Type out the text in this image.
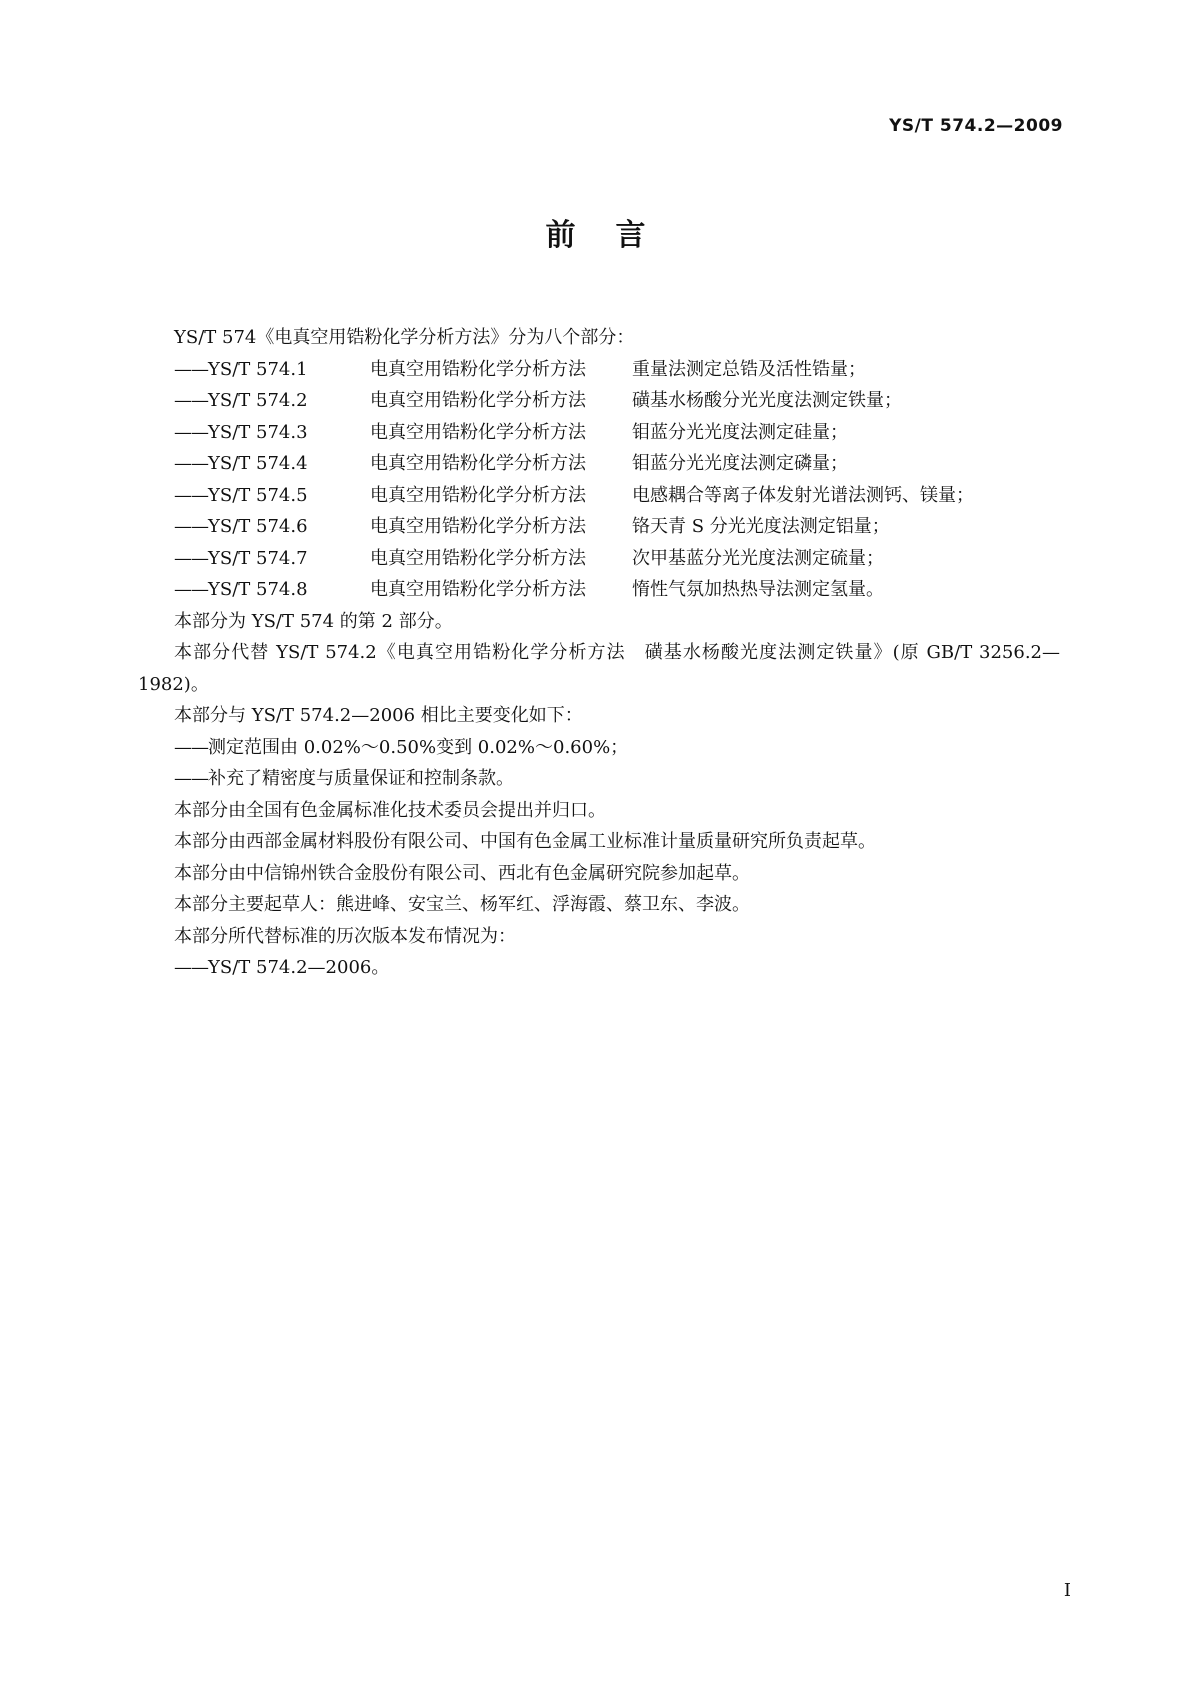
YS/T 574.2—2009
前言

YS/T 574《电真空用锆粉化学分析方法》分为八个部分：

——YS/T 574.1	电真空用锆粉化学分析方法	重量法测定总锆及活性锆量；

——YS/T 574.2	电真空用锆粉化学分析方法	磺基水杨酸分光光度法测定铁量；

——YS/T 574.3	电真空用锆粉化学分析方法	钼蓝分光光度法测定硅量；

——YS/T 574.4	电真空用锆粉化学分析方法	钼蓝分光光度法测定磷量；

——YS/T 574.5	电真空用锆粉化学分析方法	电感耦合等离子体发射光谱法测钙、镁量；

——YS/T 574.6	电真空用锆粉化学分析方法	铬天青 S 分光光度法测定铝量；

——YS/T 574.7	电真空用锆粉化学分析方法	次甲基蓝分光光度法测定硫量；

——YS/T 574.8	电真空用锆粉化学分析方法	惰性气氛加热热导法测定氢量。

本部分为 YS/T 574 的第 2 部分。

本部分代替 YS/T 574.2《电真空用锆粉化学分析方法　磺基水杨酸光度法测定铁量》(原 GB/T 3256.2—1982)。

本部分与 YS/T 574.2—2006 相比主要变化如下：

——测定范围由 0.02%～0.50%变到 0.02%～0.60%；

——补充了精密度与质量保证和控制条款。

本部分由全国有色金属标准化技术委员会提出并归口。

本部分由西部金属材料股份有限公司、中国有色金属工业标准计量质量研究所负责起草。

本部分由中信锦州铁合金股份有限公司、西北有色金属研究院参加起草。

本部分主要起草人：熊进峰、安宝兰、杨军红、浮海霞、蔡卫东、李波。

本部分所代替标准的历次版本发布情况为：

——YS/T 574.2—2006。

I
